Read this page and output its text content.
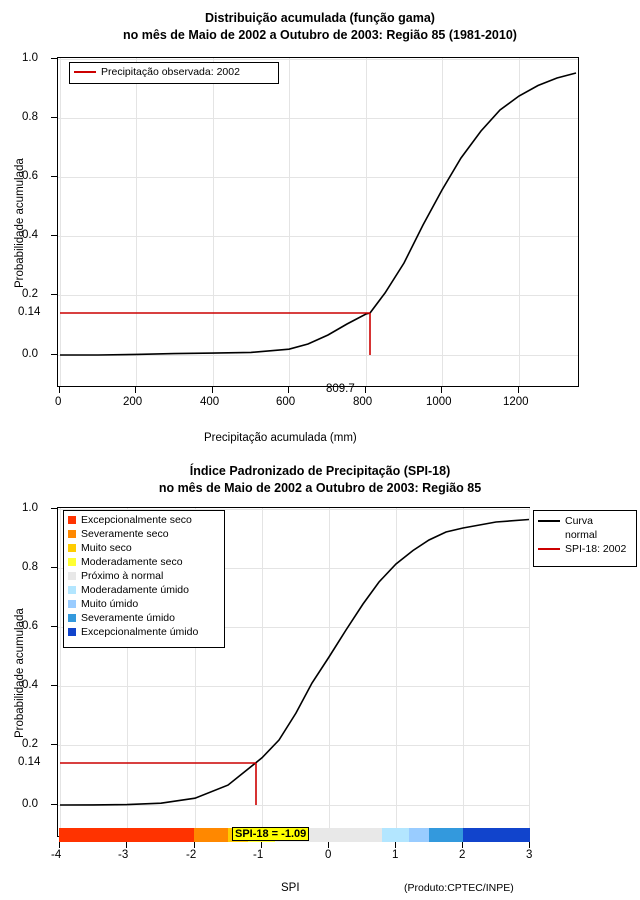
Distribuição acumulada (função gama)
no mês de Maio de 2002 a Outubro de 2003: Região 85 (1981-2010)
0.0
0.2
0.4
0.6
0.8
1.0
0.14
0	200	400	600	800	1000	1200
809.7
Precipitação acumulada (mm)
Probabilidade acumulada
Precipitação observada: 2002
Índice Padronizado de Precipitação (SPI-18)
no mês de Maio de 2002 a Outubro de 2003: Região 85
0.0
0.2
0.4
0.6
0.8
1.0
0.14
SPI-18 = -1.09
-4	-3	-2	-1	0	1	2	3
SPI
Probabilidade acumulada
(Produto:CPTEC/INPE)
Excepcionalmente seco
Severamente seco
Muito seco
Moderadamente seco
Próximo à normal
Moderadamente úmido
Muito úmido
Severamente úmido
Excepcionalmente úmido
Curva
normal
SPI-18: 2002
